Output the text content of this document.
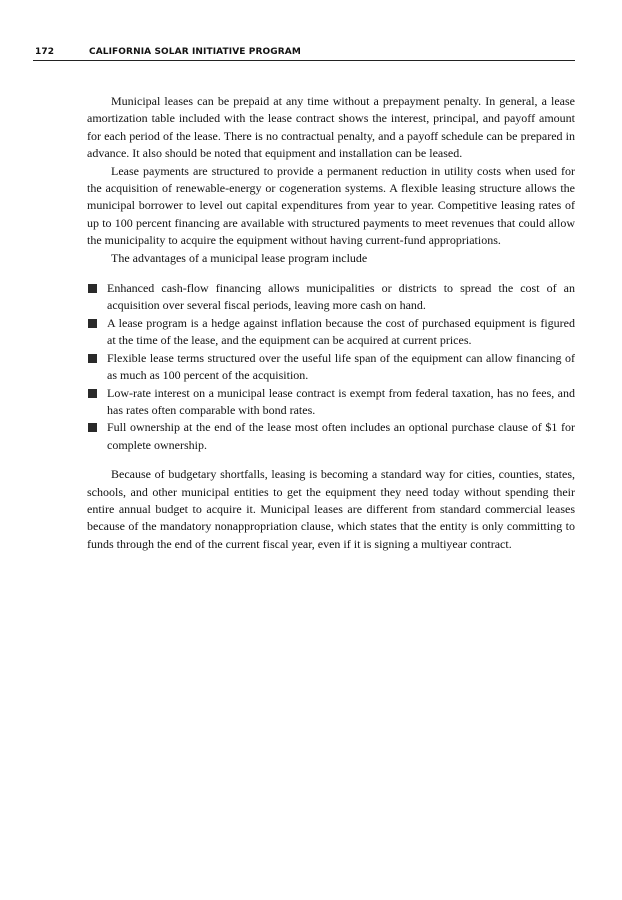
172	CALIFORNIA SOLAR INITIATIVE PROGRAM

Municipal leases can be prepaid at any time without a prepayment penalty. In general, a lease amortization table included with the lease contract shows the interest, principal, and payoff amount for each period of the lease. There is no contractual penalty, and a payoff schedule can be prepared in advance. It also should be noted that equipment and installation can be leased.

Lease payments are structured to provide a permanent reduction in utility costs when used for the acquisition of renewable-energy or cogeneration systems. A flexible leasing structure allows the municipal borrower to level out capital expenditures from year to year. Competitive leasing rates of up to 100 percent financing are available with structured payments to meet revenues that could allow the municipality to acquire the equipment without having current-fund appropriations.

The advantages of a municipal lease program include

Enhanced cash-flow financing allows municipalities or districts to spread the cost of an acquisition over several fiscal periods, leaving more cash on hand.
A lease program is a hedge against inflation because the cost of purchased equipment is figured at the time of the lease, and the equipment can be acquired at current prices.
Flexible lease terms structured over the useful life span of the equipment can allow financing of as much as 100 percent of the acquisition.
Low-rate interest on a municipal lease contract is exempt from federal taxation, has no fees, and has rates often comparable with bond rates.
Full ownership at the end of the lease most often includes an optional purchase clause of $1 for complete ownership.

Because of budgetary shortfalls, leasing is becoming a standard way for cities, counties, states, schools, and other municipal entities to get the equipment they need today without spending their entire annual budget to acquire it. Municipal leases are different from standard commercial leases because of the mandatory nonappropriation clause, which states that the entity is only committing to funds through the end of the current fiscal year, even if it is signing a multiyear contract.
